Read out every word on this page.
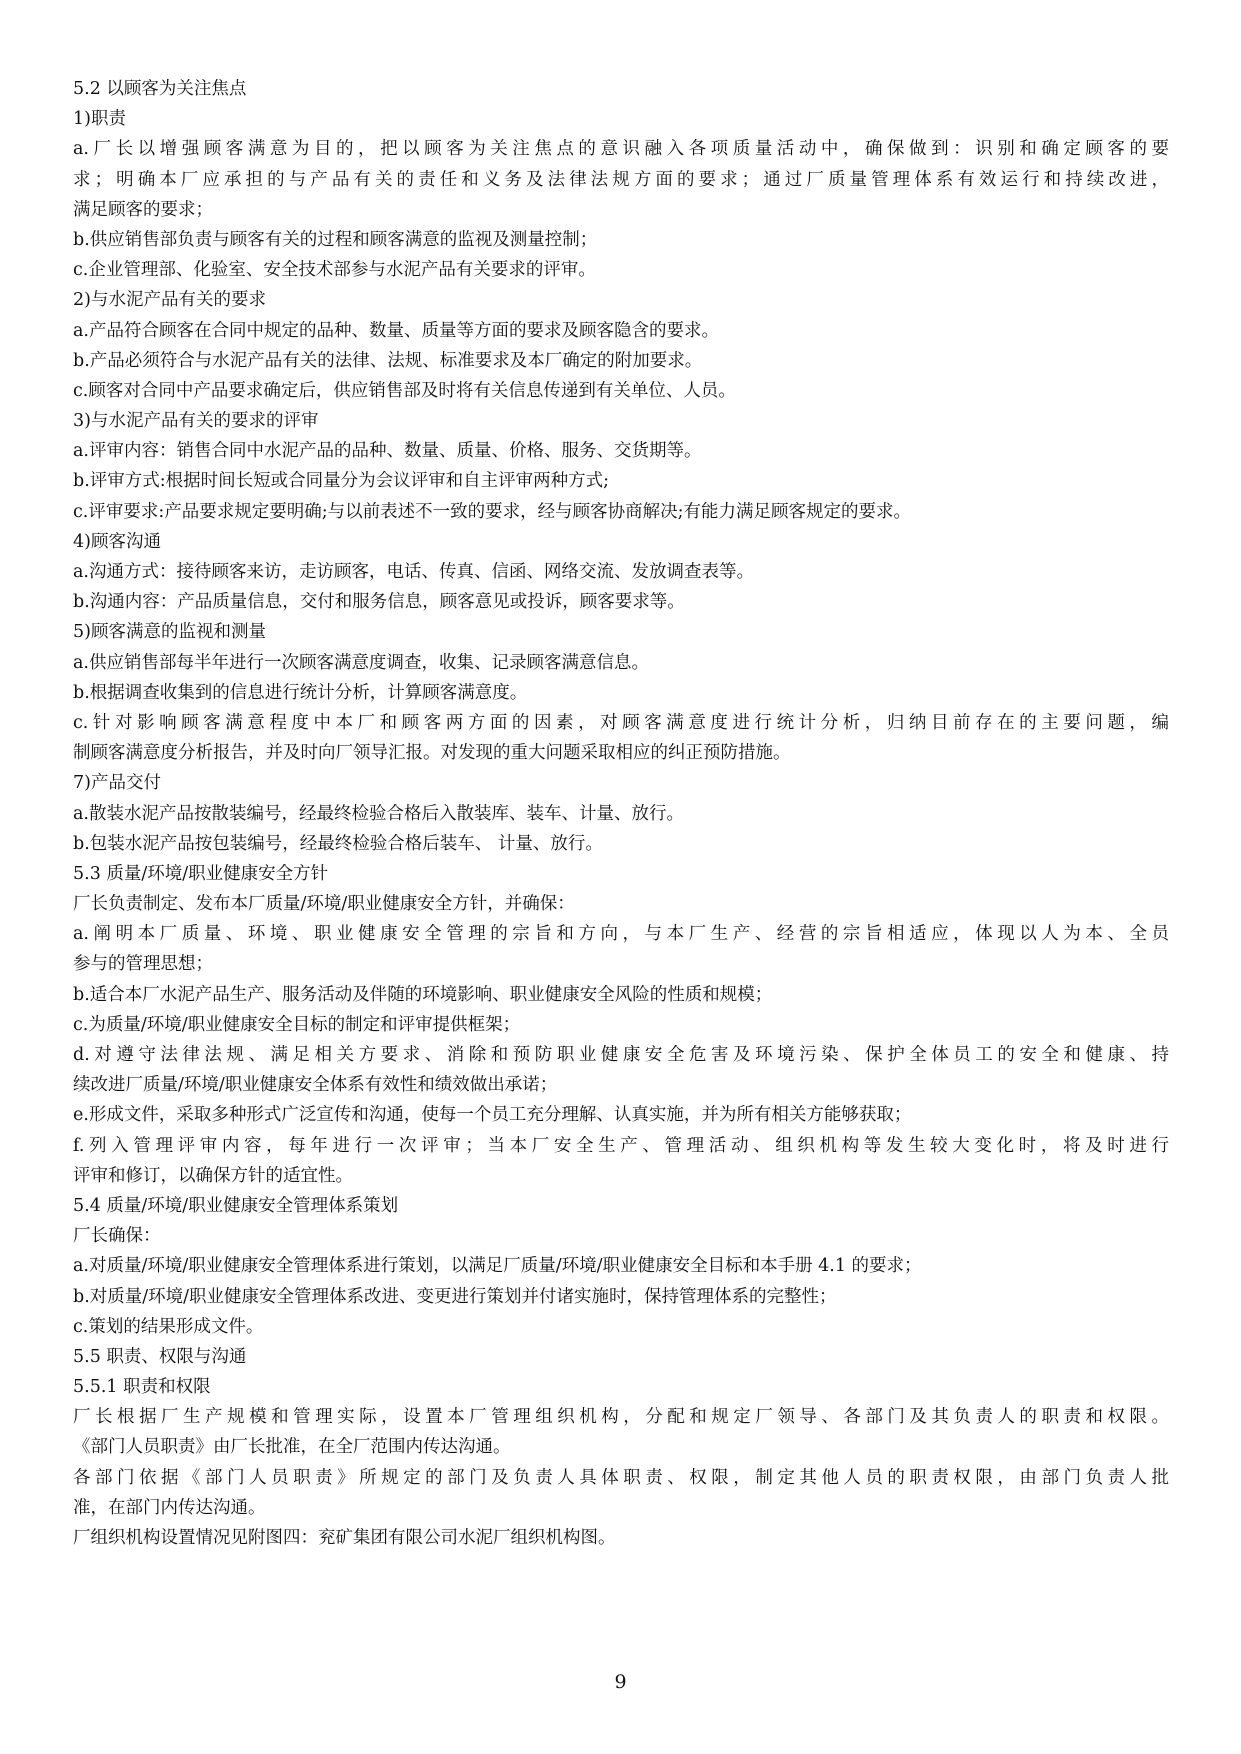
5.2 以顾客为关注焦点
1)职责
a.厂长以增强顾客满意为目的，把以顾客为关注焦点的意识融入各项质量活动中，确保做到：识别和确定顾客的要
求；明确本厂应承担的与产品有关的责任和义务及法律法规方面的要求；通过厂质量管理体系有效运行和持续改进，
满足顾客的要求；
b.供应销售部负责与顾客有关的过程和顾客满意的监视及测量控制；
c.企业管理部、化验室、安全技术部参与水泥产品有关要求的评审。
2)与水泥产品有关的要求
a.产品符合顾客在合同中规定的品种、数量、质量等方面的要求及顾客隐含的要求。
b.产品必须符合与水泥产品有关的法律、法规、标准要求及本厂确定的附加要求。
c.顾客对合同中产品要求确定后，供应销售部及时将有关信息传递到有关单位、人员。
3)与水泥产品有关的要求的评审
a.评审内容：销售合同中水泥产品的品种、数量、质量、价格、服务、交货期等。
b.评审方式:根据时间长短或合同量分为会议评审和自主评审两种方式;
c.评审要求:产品要求规定要明确;与以前表述不一致的要求，经与顾客协商解决;有能力满足顾客规定的要求。
4)顾客沟通
a.沟通方式：接待顾客来访，走访顾客，电话、传真、信函、网络交流、发放调查表等。
b.沟通内容：产品质量信息，交付和服务信息，顾客意见或投诉，顾客要求等。
5)顾客满意的监视和测量
a.供应销售部每半年进行一次顾客满意度调查，收集、记录顾客满意信息。
b.根据调查收集到的信息进行统计分析，计算顾客满意度。
c.针对影响顾客满意程度中本厂和顾客两方面的因素，对顾客满意度进行统计分析，归纳目前存在的主要问题，编
制顾客满意度分析报告，并及时向厂领导汇报。对发现的重大问题采取相应的纠正预防措施。
7)产品交付
a.散装水泥产品按散装编号，经最终检验合格后入散装库、装车、计量、放行。
b.包装水泥产品按包装编号，经最终检验合格后装车、 计量、放行。
5.3 质量/环境/职业健康安全方针
厂长负责制定、发布本厂质量/环境/职业健康安全方针，并确保：
a.阐明本厂质量、环境、职业健康安全管理的宗旨和方向，与本厂生产、经营的宗旨相适应，体现以人为本、全员
参与的管理思想；
b.适合本厂水泥产品生产、服务活动及伴随的环境影响、职业健康安全风险的性质和规模；
c.为质量/环境/职业健康安全目标的制定和评审提供框架；
d.对遵守法律法规、满足相关方要求、消除和预防职业健康安全危害及环境污染、保护全体员工的安全和健康、持
续改进厂质量/环境/职业健康安全体系有效性和绩效做出承诺；
e.形成文件，采取多种形式广泛宣传和沟通，使每一个员工充分理解、认真实施，并为所有相关方能够获取；
f.列入管理评审内容，每年进行一次评审；当本厂安全生产、管理活动、组织机构等发生较大变化时，将及时进行
评审和修订，以确保方针的适宜性。
5.4 质量/环境/职业健康安全管理体系策划
厂长确保：
a.对质量/环境/职业健康安全管理体系进行策划，以满足厂质量/环境/职业健康安全目标和本手册 4.1 的要求；
b.对质量/环境/职业健康安全管理体系改进、变更进行策划并付诸实施时，保持管理体系的完整性；
c.策划的结果形成文件。
5.5 职责、权限与沟通
5.5.1 职责和权限
厂长根据厂生产规模和管理实际，设置本厂管理组织机构，分配和规定厂领导、各部门及其负责人的职责和权限。
《部门人员职责》由厂长批准，在全厂范围内传达沟通。
各部门依据《部门人员职责》所规定的部门及负责人具体职责、权限，制定其他人员的职责权限，由部门负责人批
准，在部门内传达沟通。
厂组织机构设置情况见附图四：兖矿集团有限公司水泥厂组织机构图。
9
